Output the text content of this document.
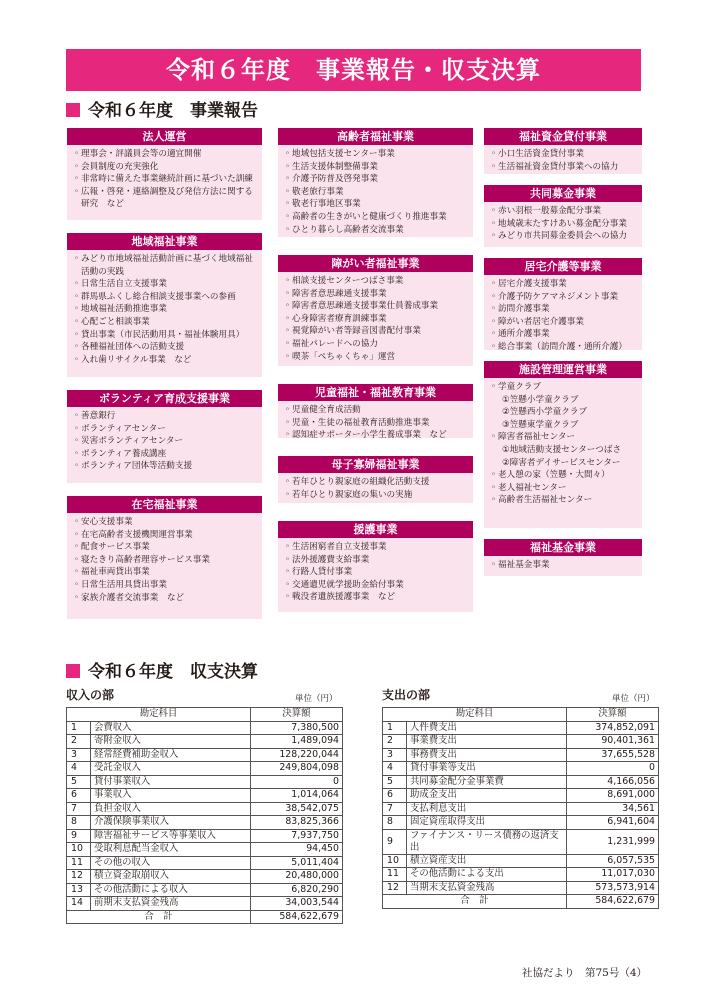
令和６年度　事業報告・収支決算
令和６年度　事業報告
法人運営
◦ 理事会・評議員会等の適宜開催
◦ 会員制度の充実強化
◦ 非常時に備えた事業継続計画に基づいた訓練
◦ 広報・啓発・連絡調整及び発信方法に関する研究　など
地域福祉事業
◦ みどり市地域福祉活動計画に基づく地域福祉活動の実践
◦ 日常生活自立支援事業
◦ 群馬県ふくし総合相談支援事業への参画
◦ 地域福祉活動推進事業
◦ 心配ごと相談事業
◦ 貸出事業（市民活動用具・福祉体験用具）
◦ 各種福祉団体への活動支援
◦ 入れ歯リサイクル事業　など
ボランティア育成支援事業
◦ 善意銀行
◦ ボランティアセンター
◦ 災害ボランティアセンター
◦ ボランティア養成講座
◦ ボランティア団体等活動支援
在宅福祉事業
◦ 安心支援事業
◦ 在宅高齢者支援機関運営事業
◦ 配食サービス事業
◦ 寝たきり高齢者理容サービス事業
◦ 福祉車両貸出事業
◦ 日常生活用具貸出事業
◦ 家族介護者交流事業　など
高齢者福祉事業
◦ 地域包括支援センター事業
◦ 生活支援体制整備事業
◦ 介護予防普及啓発事業
◦ 敬老旅行事業
◦ 敬老行事地区事業
◦ 高齢者の生きがいと健康づくり推進事業
◦ ひとり暮らし高齢者交流事業
障がい者福祉事業
◦ 相談支援センターつばさ事業
◦ 障害者意思疎通支援事業
◦ 障害者意思疎通支援事業仕員養成事業
◦ 心身障害者療育訓練事業
◦ 視覚障がい者等録音図書配付事業
◦ 福祉パレードへの協力
◦ 喫茶「ぺちゃくちゃ」運営
児童福祉・福祉教育事業
◦ 児童健全育成活動
◦ 児童・生徒の福祉教育活動推進事業
◦ 認知症サポーター小学生養成事業　など
母子寡婦福祉事業
◦ 若年ひとり親家庭の組織化活動支援
◦ 若年ひとり親家庭の集いの実施
援護事業
◦ 生活困窮者自立支援事業
◦ 法外援護費支給事業
◦ 行路人貸付事業
◦ 交通遺児就学援助金給付事業
◦ 戦没者遺族援護事業　など
福祉資金貸付事業
◦ 小口生活資金貸付事業
◦ 生活福祉資金貸付事業への協力
共同募金事業
◦ 赤い羽根一般募金配分事業
◦ 地域歳末たすけあい募金配分事業
◦ みどり市共同募金委員会への協力
居宅介護等事業
◦ 居宅介護支援事業
◦ 介護予防ケアマネジメント事業
◦ 訪問介護事業
◦ 障がい者居宅介護事業
◦ 通所介護事業
◦ 総合事業（訪問介護・通所介護）
施設管理運営事業
◦ 学童クラブ
①笠懸小学童クラブ
②笠懸西小学童クラブ
③笠懸東学童クラブ
◦ 障害者福祉センター
①地域活動支援センターつばさ
②障害者デイサービスセンター
◦ 老人憩の家（笠懸・大間々）
◦ 老人福祉センター
◦ 高齢者生活福祉センター
福祉基金事業
◦ 福祉基金事業
令和６年度　収支決算
収入の部	単位（円）
勘定科目		決算額
1	会費収入	7,380,500
2	寄附金収入	1,489,094
3	経常経費補助金収入	128,220,044
4	受託金収入	249,804,098
5	貸付事業収入	0
6	事業収入	1,014,064
7	負担金収入	38,542,075
8	介護保険事業収入	83,825,366
9	障害福祉サービス等事業収入	7,937,750
10	受取利息配当金収入	94,450
11	その他の収入	5,011,404
12	積立資金取崩収入	20,480,000
13	その他活動による収入	6,820,290
14	前期末支払資金残高	34,003,544
合　計		584,622,679
支出の部	単位（円）
勘定科目		決算額
1	人件費支出	374,852,091
2	事業費支出	90,401,361
3	事務費支出	37,655,528
4	貸付事業等支出	0
5	共同募金配分金事業費	4,166,056
6	助成金支出	8,691,000
7	支払利息支出	34,561
8	固定資産取得支出	6,941,604
9	ファイナンス・リース債務の返済支出	1,231,999
10	積立資産支出	6,057,535
11	その他活動による支出	11,017,030
12	当期末支払資金残高	573,573,914
合　計		584,622,679
社協だより　第75号（4）
